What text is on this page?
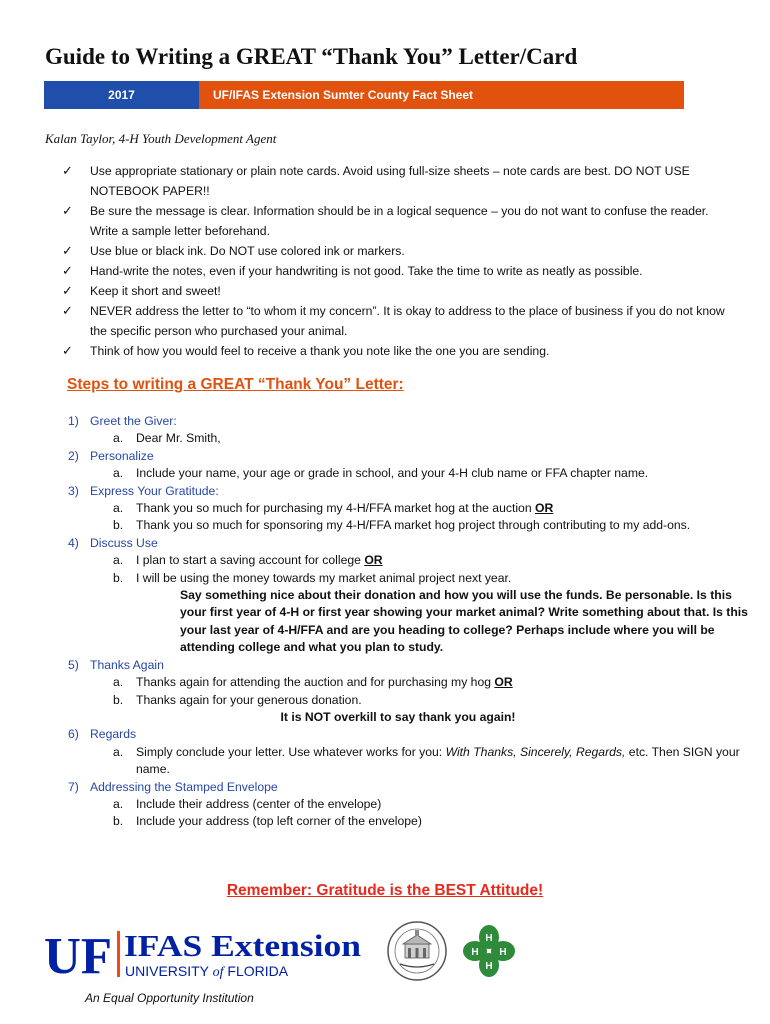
Guide to Writing a GREAT “Thank You” Letter/Card
2017	UF/IFAS Extension Sumter County Fact Sheet
Kalan Taylor, 4-H Youth Development Agent
✓ Use appropriate stationary or plain note cards. Avoid using full-size sheets – note cards are best. DO NOT USE NOTEBOOK PAPER!!
✓ Be sure the message is clear. Information should be in a logical sequence – you do not want to confuse the reader. Write a sample letter beforehand.
✓ Use blue or black ink. Do NOT use colored ink or markers.
✓ Hand-write the notes, even if your handwriting is not good. Take the time to write as neatly as possible.
✓ Keep it short and sweet!
✓ NEVER address the letter to “to whom it my concern”. It is okay to address to the place of business if you do not know the specific person who purchased your animal.
✓ Think of how you would feel to receive a thank you note like the one you are sending.
Steps to writing a GREAT “Thank You” Letter:
1) Greet the Giver:
a. Dear Mr. Smith,
2) Personalize
a. Include your name, your age or grade in school, and your 4-H club name or FFA chapter name.
3) Express Your Gratitude:
a. Thank you so much for purchasing my 4-H/FFA market hog at the auction OR
b. Thank you so much for sponsoring my 4-H/FFA market hog project through contributing to my add-ons.
4) Discuss Use
a. I plan to start a saving account for college OR
b. I will be using the money towards my market animal project next year.
Say something nice about their donation and how you will use the funds. Be personable. Is this your first year of 4-H or first year showing your market animal? Write something about that. Is this your last year of 4-H/FFA and are you heading to college? Perhaps include where you will be attending college and what you plan to study.
5) Thanks Again
a. Thanks again for attending the auction and for purchasing my hog OR
b. Thanks again for your generous donation.
It is NOT overkill to say thank you again!
6) Regards
a. Simply conclude your letter. Use whatever works for you: With Thanks, Sincerely, Regards, etc. Then SIGN your name.
7) Addressing the Stamped Envelope
a. Include their address (center of the envelope)
b. Include your address (top left corner of the envelope)
Remember: Gratitude is the BEST Attitude!
UF IFAS Extension
UNIVERSITY of FLORIDA
H
H
H H
An Equal Opportunity Institution
